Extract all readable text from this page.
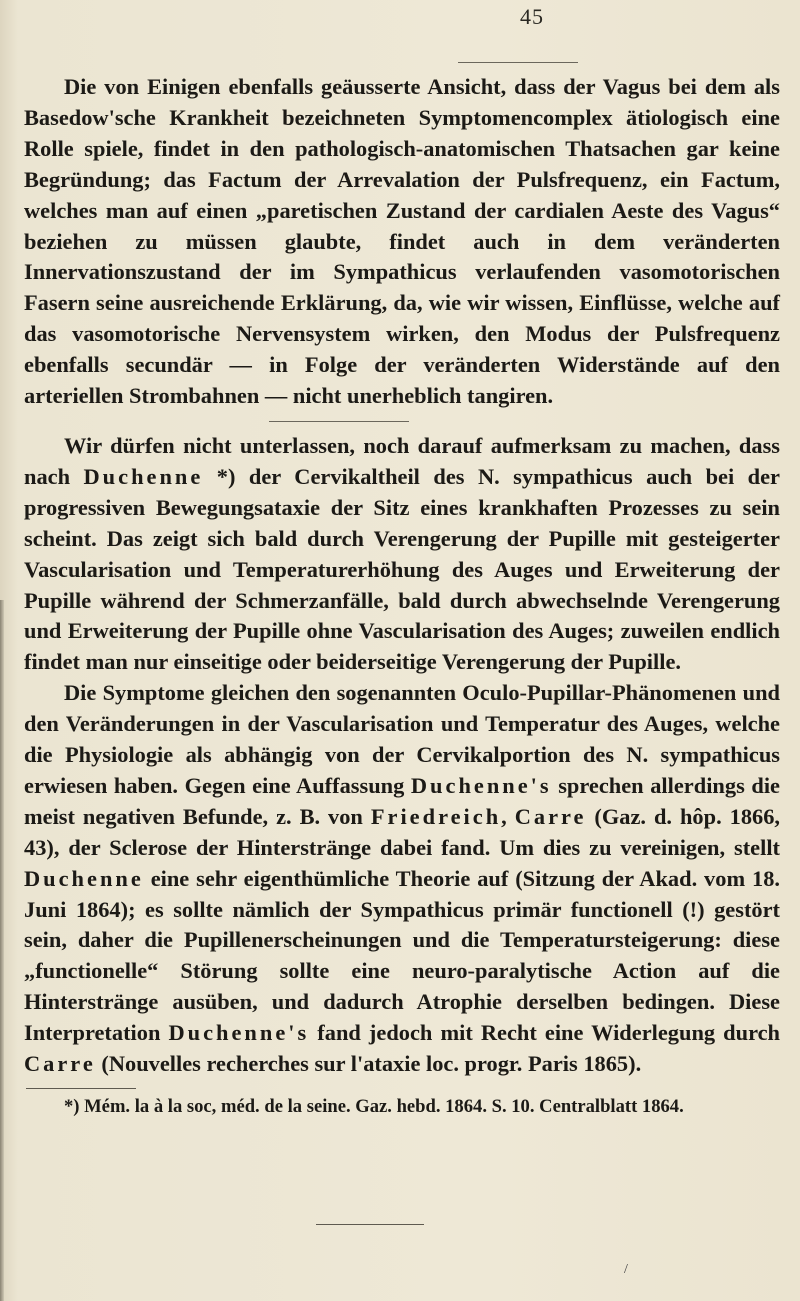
45

Die von Einigen ebenfalls geäusserte Ansicht, dass der Vagus bei dem als Basedow'sche Krankheit bezeichneten Symptomencomplex ätiologisch eine Rolle spiele, findet in den pathologisch-anatomischen Thatsachen gar keine Begründung; das Factum der Arrevalation der Pulsfrequenz, ein Factum, welches man auf einen „paretischen Zustand der cardialen Aeste des Vagus“ beziehen zu müssen glaubte, findet auch in dem veränderten Innervationszustand der im Sympathicus verlaufenden vasomotorischen Fasern seine ausreichende Erklärung, da, wie wir wissen, Einflüsse, welche auf das vasomotorische Nervensystem wirken, den Modus der Pulsfrequenz ebenfalls secundär — in Folge der veränderten Widerstände auf den arteriellen Strombahnen — nicht unerheblich tangiren.

Wir dürfen nicht unterlassen, noch darauf aufmerksam zu machen, dass nach Duchenne *) der Cervikaltheil des N. sympathicus auch bei der progressiven Bewegungsataxie der Sitz eines krankhaften Prozesses zu sein scheint. Das zeigt sich bald durch Verengerung der Pupille mit gesteigerter Vascularisation und Temperaturerhöhung des Auges und Erweiterung der Pupille während der Schmerzanfälle, bald durch abwechselnde Verengerung und Erweiterung der Pupille ohne Vascularisation des Auges; zuweilen endlich findet man nur einseitige oder beiderseitige Verengerung der Pupille.

Die Symptome gleichen den sogenannten Oculo-Pupillar-Phänomenen und den Veränderungen in der Vascularisation und Temperatur des Auges, welche die Physiologie als abhängig von der Cervikalportion des N. sympathicus erwiesen haben. Gegen eine Auffassung Duchenne's sprechen allerdings die meist negativen Befunde, z. B. von Friedreich, Carre (Gaz. d. hôp. 1866, 43), der Sclerose der Hinterstränge dabei fand. Um dies zu vereinigen, stellt Duchenne eine sehr eigenthümliche Theorie auf (Sitzung der Akad. vom 18. Juni 1864); es sollte nämlich der Sympathicus primär functionell (!) gestört sein, daher die Pupillenerscheinungen und die Temperatursteigerung: diese „functionelle“ Störung sollte eine neuro-paralytische Action auf die Hinterstränge ausüben, und dadurch Atrophie derselben bedingen. Diese Interpretation Duchenne's fand jedoch mit Recht eine Widerlegung durch Carre (Nouvelles recherches sur l'ataxie loc. progr. Paris 1865).

*) Mém. la à la soc, méd. de la seine. Gaz. hebd. 1864. S. 10. Centralblatt 1864.

/
